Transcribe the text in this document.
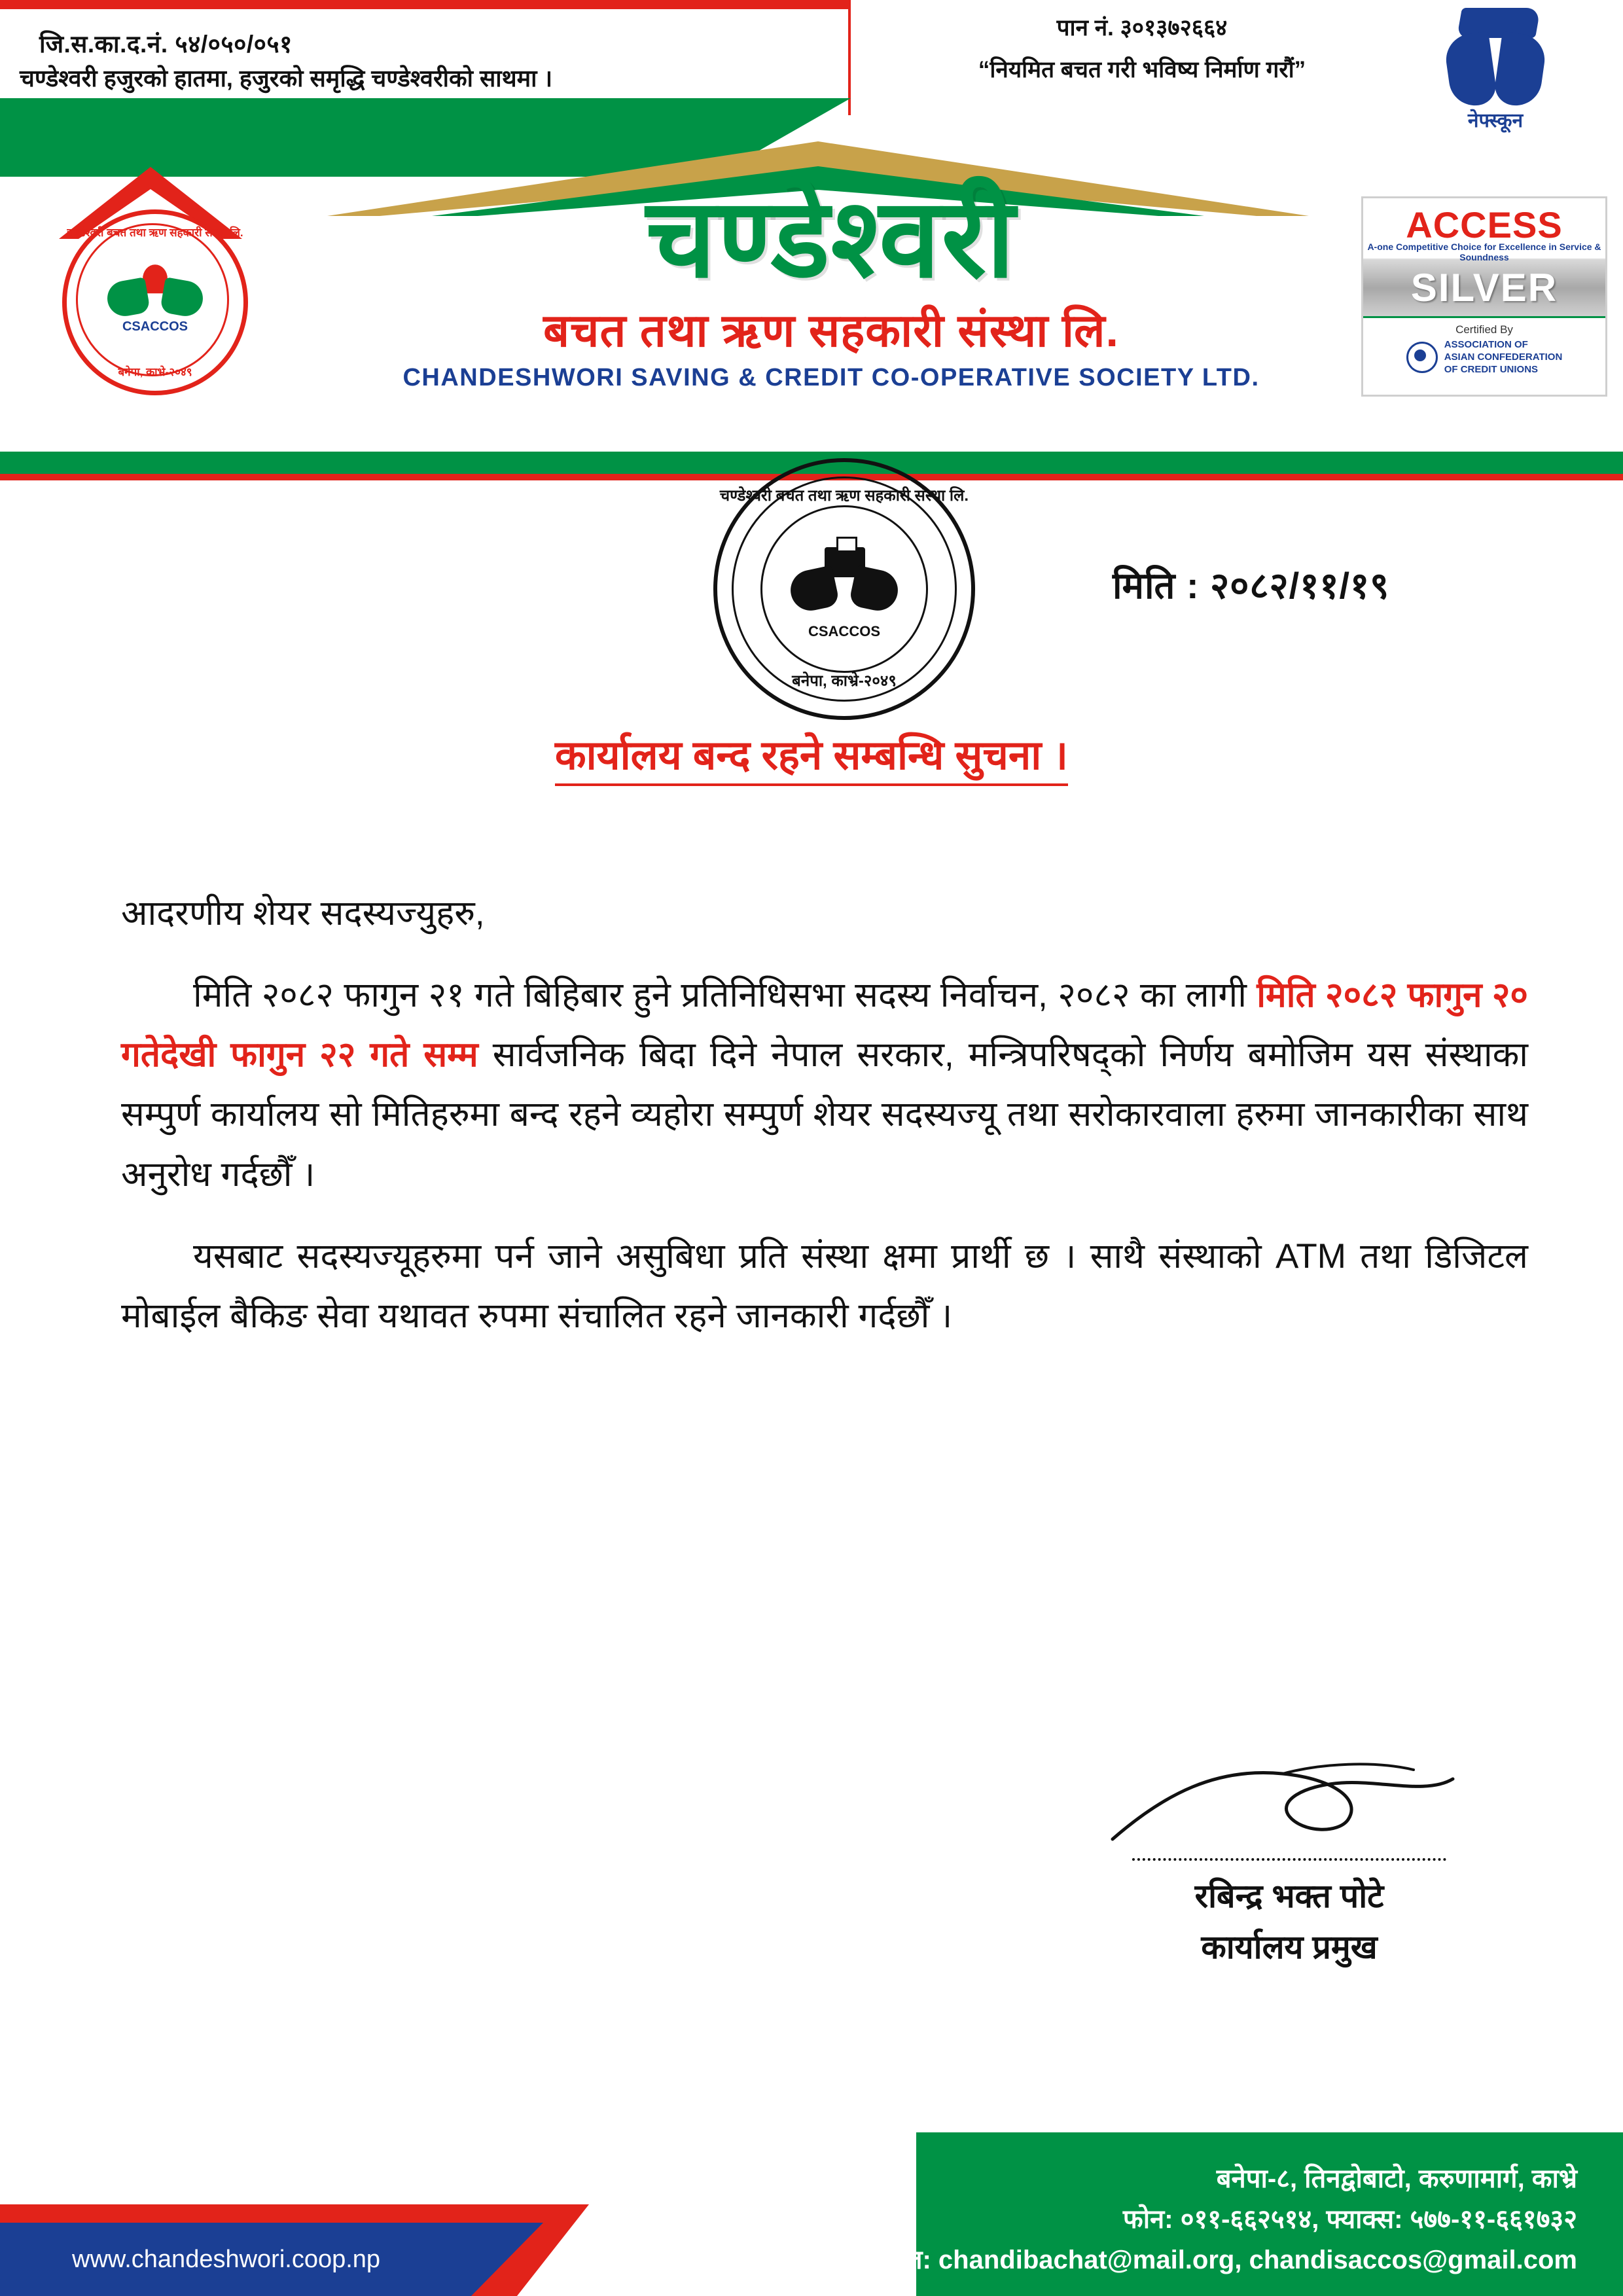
जि.स.का.द.नं. ५४/०५०/०५१
चण्डेश्वरी हजुरको हातमा, हजुरको समृद्धि चण्डेश्वरीको साथमा ।
पान नं. ३०१३७२६६४
“नियमित बचत गरी भविष्य निर्माण गरौं”
नेफ्स्कून
चण्डेश्वरी
बचत तथा ऋण सहकारी संस्था लि.
CHANDESHWORI SAVING & CREDIT CO-OPERATIVE SOCIETY LTD.
चण्डेश्वरी बचत तथा ऋण सहकारी संस्था लि.
CSACCOS
बनेपा, काभ्रे-२०४९
ACCESS
A-one Competitive Choice for Excellence in Service & Soundness
SILVER
Certified By
ASSOCIATION OF
ASIAN CONFEDERATION
OF CREDIT UNIONS
चण्डेश्वरी बचत तथा ऋण सहकारी संस्था लि.
CSACCOS
बनेपा, काभ्रे-२०४९
मिति : २०८२/११/१९
कार्यालय बन्द रहने सम्बन्धि सुचना ।

आदरणीय शेयर सदस्यज्युहरु,

मिति २०८२ फागुन २१ गते बिहिबार हुने प्रतिनिधिसभा सदस्य निर्वाचन, २०८२ का लागी मिति २०८२ फागुन २० गतेदेखी फागुन २२ गते सम्म सार्वजनिक बिदा दिने नेपाल सरकार, मन्त्रिपरिषद्को निर्णय बमोजिम यस संस्थाका सम्पुर्ण कार्यालय सो मितिहरुमा बन्द रहने व्यहोरा सम्पुर्ण शेयर सदस्यज्यू तथा सरोकारवाला हरुमा जानकारीका साथ अनुरोध गर्दछौँ ।

यसबाट सदस्यज्यूहरुमा पर्न जाने असुबिधा प्रति संस्था क्षमा प्रार्थी छ । साथै संस्थाको ATM तथा डिजिटल मोबाईल बैकिङ सेवा यथावत रुपमा संचालित रहने जानकारी गर्दछौँ ।

रबिन्द्र भक्त पोटे
कार्यालय प्रमुख
www.chandeshwori.coop.np
बनेपा-८, तिनद्वोबाटो, करुणामार्ग, काभ्रे
फोन: ०११-६६२५१४, फ्याक्स: ५७७-११-६६१७३२
ई-मेल: chandibachat@mail.org, chandisaccos@gmail.com
